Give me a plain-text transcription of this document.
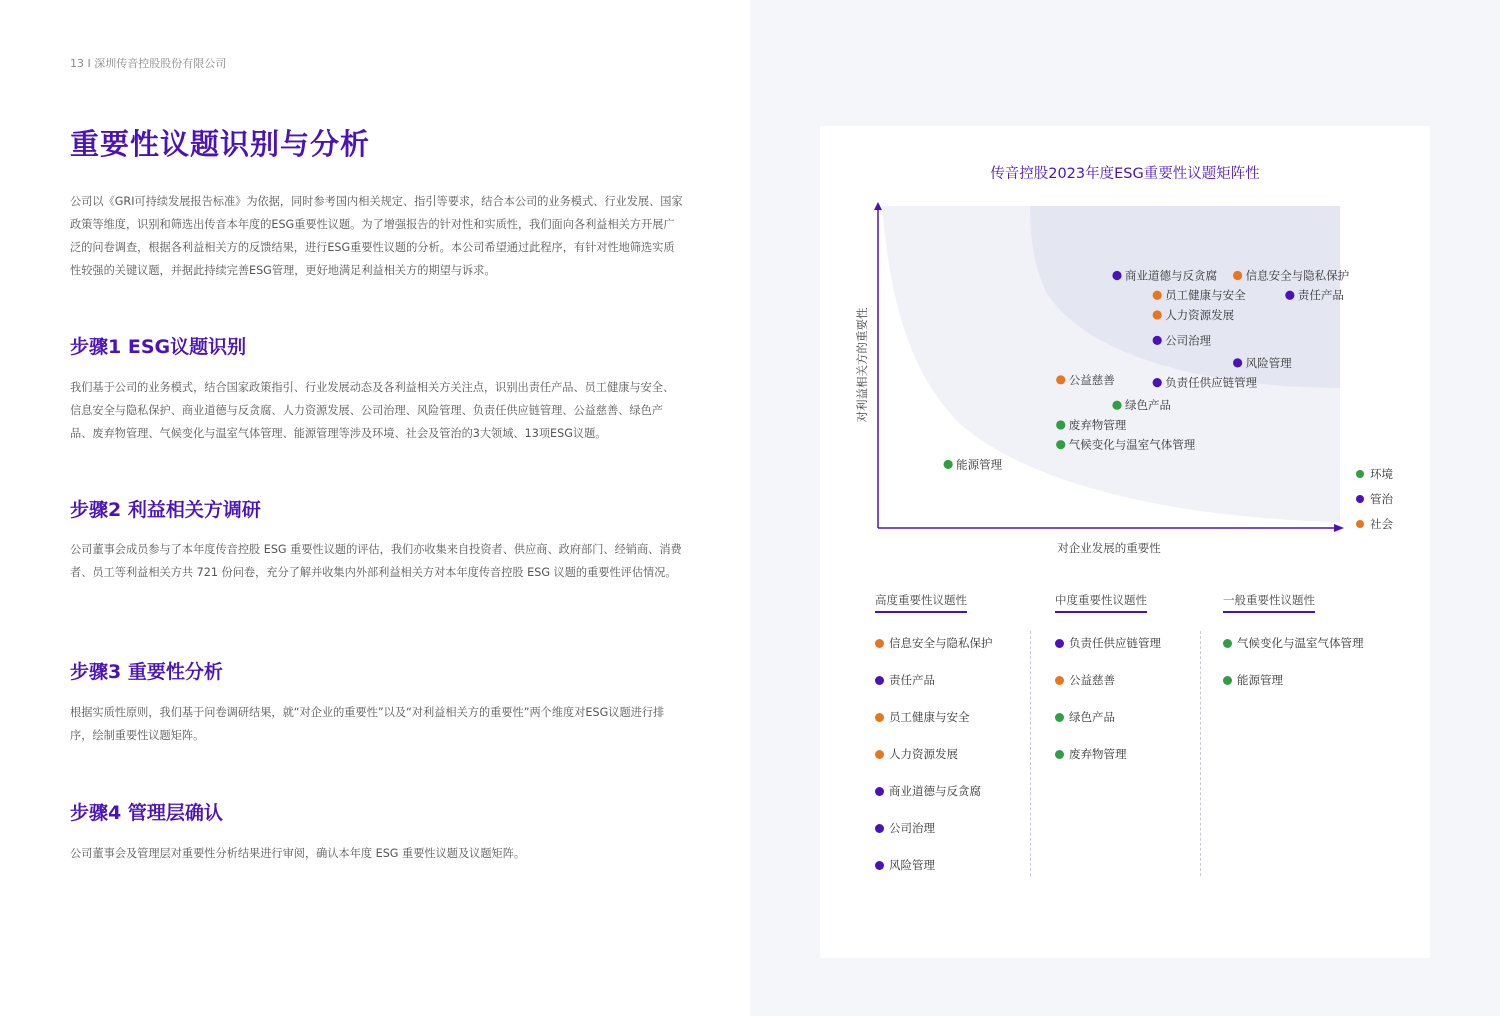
13 I 深圳传音控股股份有限公司
重要性议题识别与分析
公司以《GRI可持续发展报告标准》为依据，同时参考国内相关规定、指引等要求，结合本公司的业务模式、行业发展、国家政策等维度，识别和筛选出传音本年度的ESG重要性议题。为了增强报告的针对性和实质性，我们面向各利益相关方开展广泛的问卷调查，根据各利益相关方的反馈结果，进行ESG重要性议题的分析。本公司希望通过此程序，有针对性地筛选实质性较强的关键议题，并据此持续完善ESG管理，更好地满足利益相关方的期望与诉求。
步骤1 ESG议题识别
我们基于公司的业务模式，结合国家政策指引、行业发展动态及各利益相关方关注点，识别出责任产品、员工健康与安全、信息安全与隐私保护、商业道德与反贪腐、人力资源发展、公司治理、风险管理、负责任供应链管理、公益慈善、绿色产品、废弃物管理、气候变化与温室气体管理、能源管理等涉及环境、社会及管治的3大领域、13项ESG议题。
步骤2 利益相关方调研
公司董事会成员参与了本年度传音控股 ESG 重要性议题的评估，我们亦收集来自投资者、供应商、政府部门、经销商、消费者、员工等利益相关方共 721 份问卷，充分了解并收集内外部利益相关方对本年度传音控股 ESG 议题的重要性评估情况。
步骤3 重要性分析
根据实质性原则，我们基于问卷调研结果，就“对企业的重要性”以及“对利益相关方的重要性”两个维度对ESG议题进行排序，绘制重要性议题矩阵。
步骤4 管理层确认
公司董事会及管理层对重要性分析结果进行审阅，确认本年度 ESG 重要性议题及议题矩阵。
传音控股2023年度ESG重要性议题矩阵性
对企业发展的重要性
对利益相关方的重要性
商业道德与反贪腐 信息安全与隐私保护
员工健康与安全	责任产品
人力资源发展
公司治理
风险管理
公益慈善	负责任供应链管理
绿色产品
废弃物管理
气候变化与温室气体管理
能源管理
环境
管治
社会
高度重要性议题性
信息安全与隐私保护
责任产品
员工健康与安全
人力资源发展
商业道德与反贪腐
公司治理
风险管理
中度重要性议题性
负责任供应链管理
公益慈善
绿色产品
废弃物管理
一般重要性议题性
气候变化与温室气体管理
能源管理
